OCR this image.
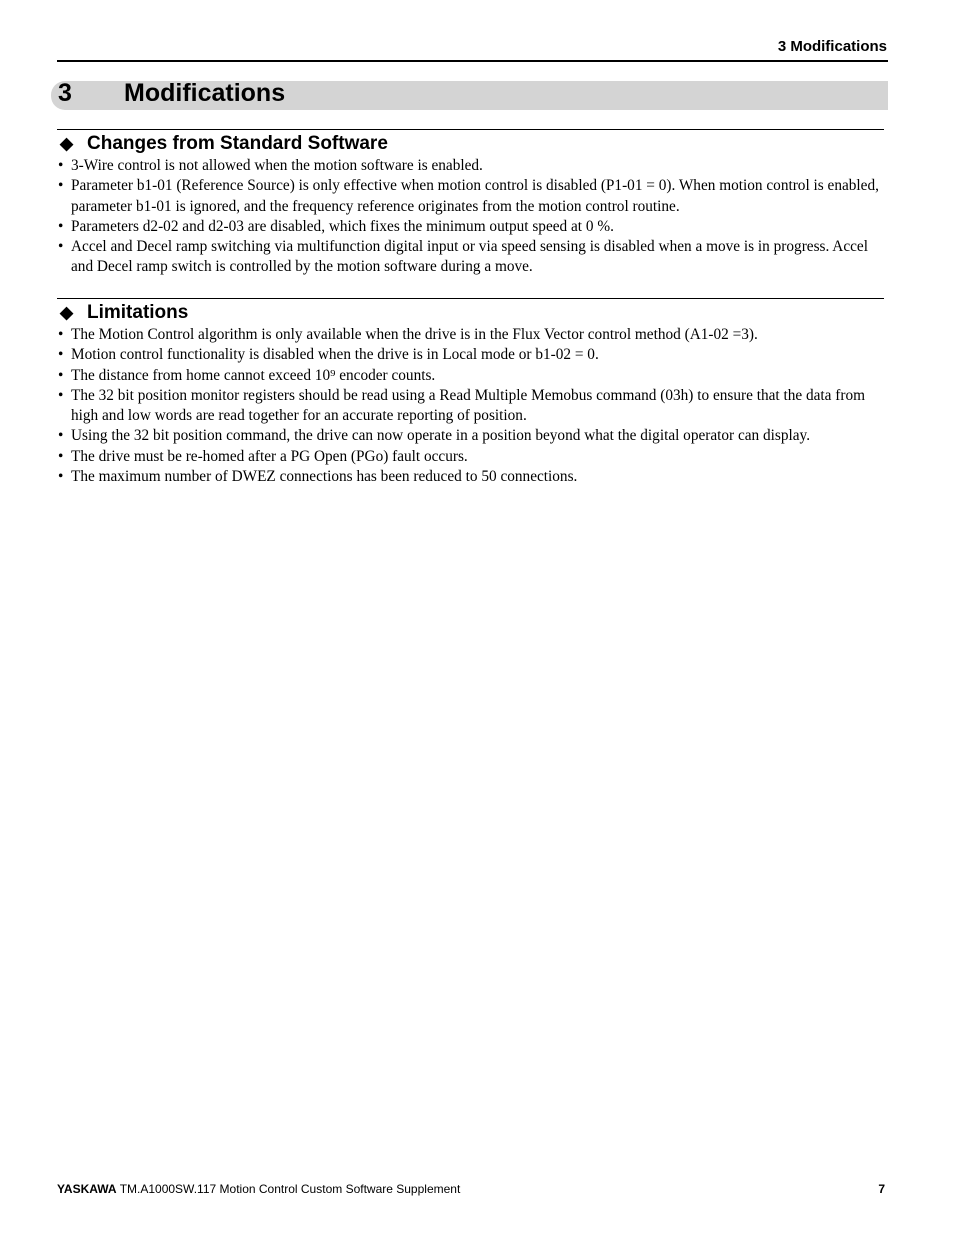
3 Modifications
3 Modifications
◆ Changes from Standard Software
• 3-Wire control is not allowed when the motion software is enabled.
• Parameter b1-01 (Reference Source) is only effective when motion control is disabled (P1-01 = 0). When motion control is enabled, parameter b1-01 is ignored, and the frequency reference originates from the motion control routine.
• Parameters d2-02 and d2-03 are disabled, which fixes the minimum output speed at 0 %.
• Accel and Decel ramp switching via multifunction digital input or via speed sensing is disabled when a move is in progress. Accel and Decel ramp switch is controlled by the motion software during a move.
◆ Limitations
• The Motion Control algorithm is only available when the drive is in the Flux Vector control method (A1-02 =3).
• Motion control functionality is disabled when the drive is in Local mode or b1-02 = 0.
• The distance from home cannot exceed 10⁹ encoder counts.
• The 32 bit position monitor registers should be read using a Read Multiple Memobus command (03h) to ensure that the data from high and low words are read together for an accurate reporting of position.
• Using the 32 bit position command, the drive can now operate in a position beyond what the digital operator can display.
• The drive must be re-homed after a PG Open (PGo) fault occurs.
• The maximum number of DWEZ connections has been reduced to 50 connections.
YASKAWA TM.A1000SW.117 Motion Control Custom Software Supplement	7
